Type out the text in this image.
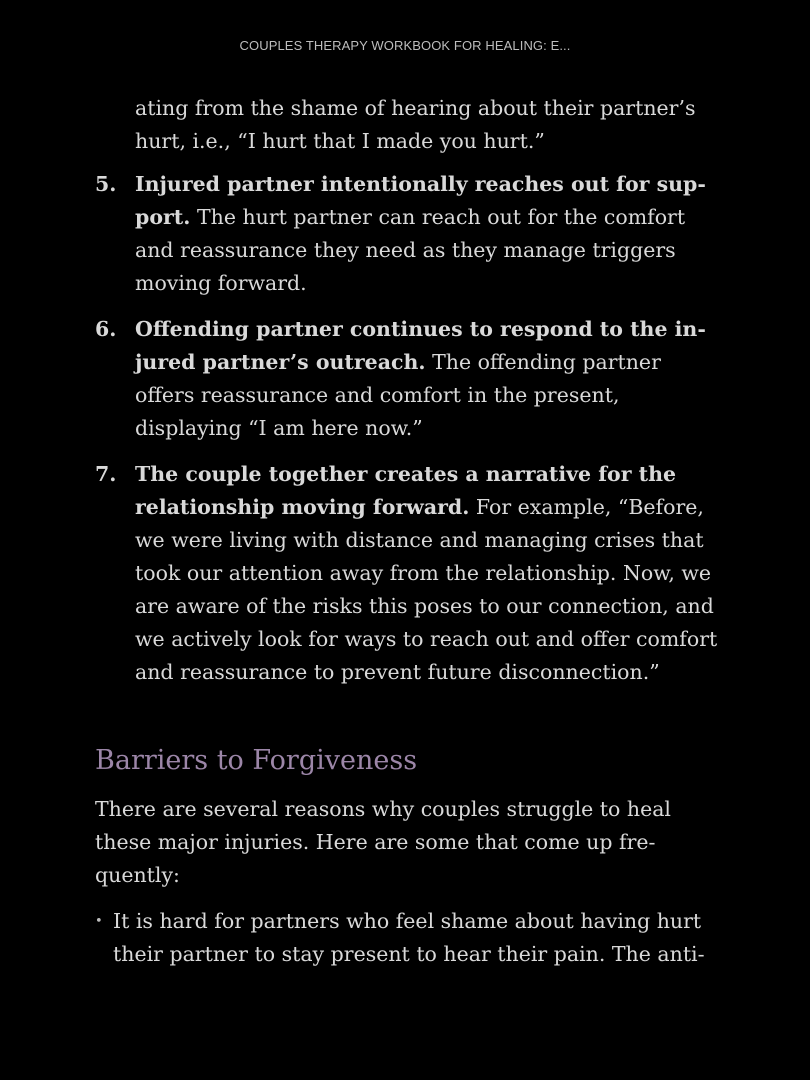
COUPLES THERAPY WORKBOOK FOR HEALING: E...
ating from the shame of hearing about their partner’s hurt, i.e., “I hurt that I made you hurt.”
5. Injured partner intentionally reaches out for support. The hurt partner can reach out for the comfort and reassurance they need as they manage triggers moving forward.
6. Offending partner continues to respond to the injured partner’s outreach. The offending partner offers reassurance and comfort in the present, displaying “I am here now.”
7. The couple together creates a narrative for the relationship moving forward. For example, “Before, we were living with distance and managing crises that took our attention away from the relationship. Now, we are aware of the risks this poses to our connection, and we actively look for ways to reach out and offer comfort and reassurance to prevent future disconnection.”
Barriers to Forgiveness
There are several reasons why couples struggle to heal these major injuries. Here are some that come up frequently:
• It is hard for partners who feel shame about having hurt their partner to stay present to hear their pain. The anti-
